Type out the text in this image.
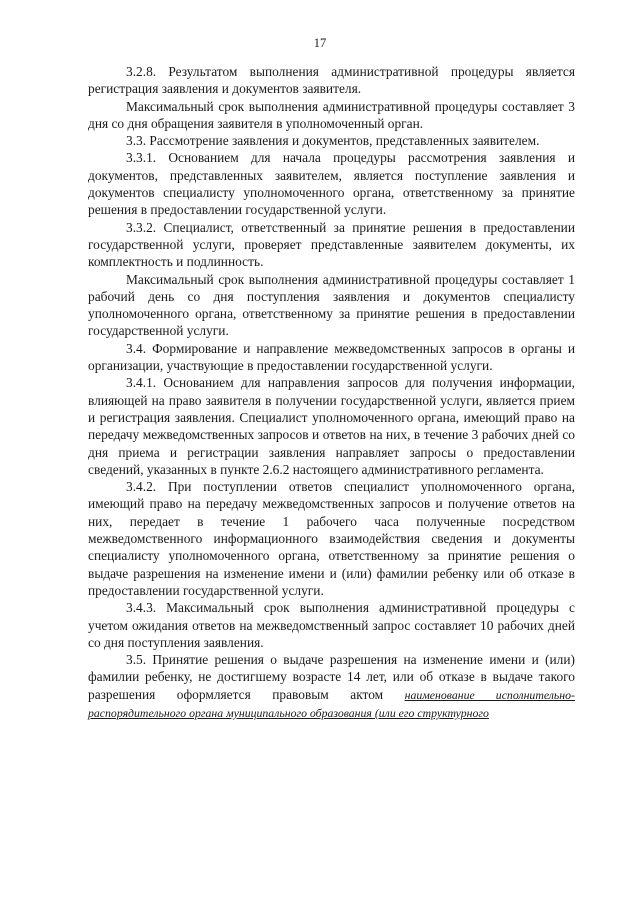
17

3.2.8. Результатом выполнения административной процедуры является регистрация заявления и документов заявителя.

Максимальный срок выполнения административной процедуры составляет 3 дня со дня обращения заявителя в уполномоченный орган.

3.3. Рассмотрение заявления и документов, представленных заявителем.

3.3.1. Основанием для начала процедуры рассмотрения заявления и документов, представленных заявителем, является поступление заявления и документов специалисту уполномоченного органа, ответственному за принятие решения в предоставлении государственной услуги.

3.3.2. Специалист, ответственный за принятие решения в предоставлении государственной услуги, проверяет представленные заявителем документы, их комплектность и подлинность.

Максимальный срок выполнения административной процедуры составляет 1 рабочий день со дня поступления заявления и документов специалисту уполномоченного органа, ответственному за принятие решения в предоставлении государственной услуги.

3.4. Формирование и направление межведомственных запросов в органы и организации, участвующие в предоставлении государственной услуги.

3.4.1. Основанием для направления запросов для получения информации, влияющей на право заявителя в получении государственной услуги, является прием и регистрация заявления. Специалист уполномоченного органа, имеющий право на передачу межведомственных запросов и ответов на них, в течение 3 рабочих дней со дня приема и регистрации заявления направляет запросы о предоставлении сведений, указанных в пункте 2.6.2 настоящего административного регламента.

3.4.2. При поступлении ответов специалист уполномоченного органа, имеющий право на передачу межведомственных запросов и получение ответов на них, передает в течение 1 рабочего часа полученные посредством межведомственного информационного взаимодействия сведения и документы специалисту уполномоченного органа, ответственному за принятие решения о выдаче разрешения на изменение имени и (или) фамилии ребенку или об отказе в предоставлении государственной услуги.

3.4.3. Максимальный срок выполнения административной процедуры с учетом ожидания ответов на межведомственный запрос составляет 10 рабочих дней со дня поступления заявления.

3.5. Принятие решения о выдаче разрешения на изменение имени и (или) фамилии ребенку, не достигшему возрасте 14 лет, или об отказе в выдаче такого разрешения оформляется правовым актом наименование исполнительно-распорядительного органа муниципального образования (или его структурного
